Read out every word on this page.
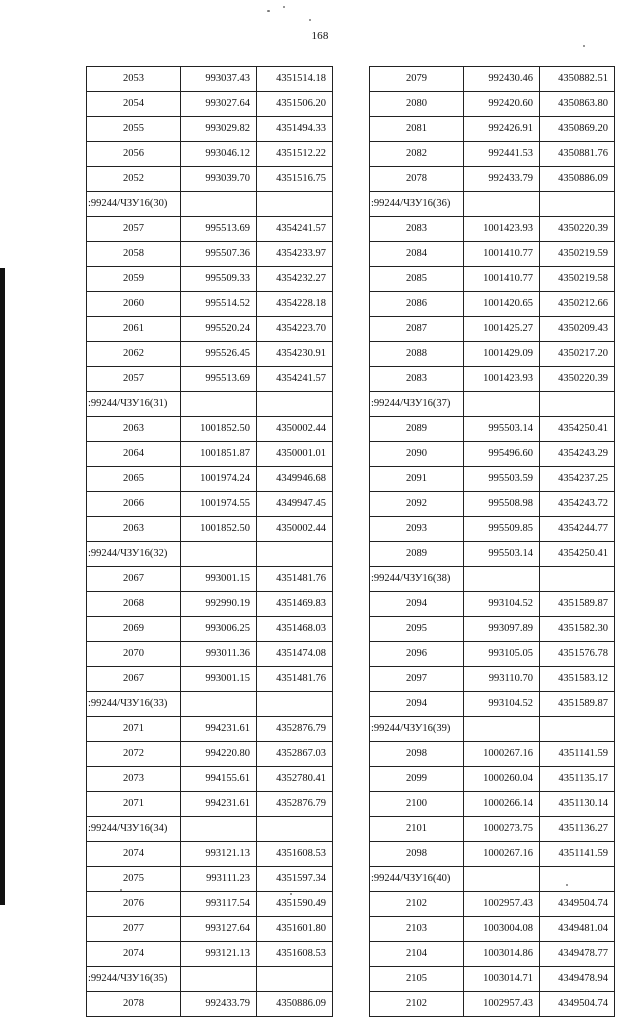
168
2053	993037.43	4351514.18
2054	993027.64	4351506.20
2055	993029.82	4351494.33
2056	993046.12	4351512.22
2052	993039.70	4351516.75
:99244/ЧЗУ16(30)		
2057	995513.69	4354241.57
2058	995507.36	4354233.97
2059	995509.33	4354232.27
2060	995514.52	4354228.18
2061	995520.24	4354223.70
2062	995526.45	4354230.91
2057	995513.69	4354241.57
:99244/ЧЗУ16(31)		
2063	1001852.50	4350002.44
2064	1001851.87	4350001.01
2065	1001974.24	4349946.68
2066	1001974.55	4349947.45
2063	1001852.50	4350002.44
:99244/ЧЗУ16(32)		
2067	993001.15	4351481.76
2068	992990.19	4351469.83
2069	993006.25	4351468.03
2070	993011.36	4351474.08
2067	993001.15	4351481.76
:99244/ЧЗУ16(33)		
2071	994231.61	4352876.79
2072	994220.80	4352867.03
2073	994155.61	4352780.41
2071	994231.61	4352876.79
:99244/ЧЗУ16(34)		
2074	993121.13	4351608.53
2075	993111.23	4351597.34
2076	993117.54	4351590.49
2077	993127.64	4351601.80
2074	993121.13	4351608.53
:99244/ЧЗУ16(35)		
2078	992433.79	4350886.09
2079	992430.46	4350882.51
2080	992420.60	4350863.80
2081	992426.91	4350869.20
2082	992441.53	4350881.76
2078	992433.79	4350886.09
:99244/ЧЗУ16(36)		
2083	1001423.93	4350220.39
2084	1001410.77	4350219.59
2085	1001410.77	4350219.58
2086	1001420.65	4350212.66
2087	1001425.27	4350209.43
2088	1001429.09	4350217.20
2083	1001423.93	4350220.39
:99244/ЧЗУ16(37)		
2089	995503.14	4354250.41
2090	995496.60	4354243.29
2091	995503.59	4354237.25
2092	995508.98	4354243.72
2093	995509.85	4354244.77
2089	995503.14	4354250.41
:99244/ЧЗУ16(38)		
2094	993104.52	4351589.87
2095	993097.89	4351582.30
2096	993105.05	4351576.78
2097	993110.70	4351583.12
2094	993104.52	4351589.87
:99244/ЧЗУ16(39)		
2098	1000267.16	4351141.59
2099	1000260.04	4351135.17
2100	1000266.14	4351130.14
2101	1000273.75	4351136.27
2098	1000267.16	4351141.59
:99244/ЧЗУ16(40)		
2102	1002957.43	4349504.74
2103	1003004.08	4349481.04
2104	1003014.86	4349478.77
2105	1003014.71	4349478.94
2102	1002957.43	4349504.74
